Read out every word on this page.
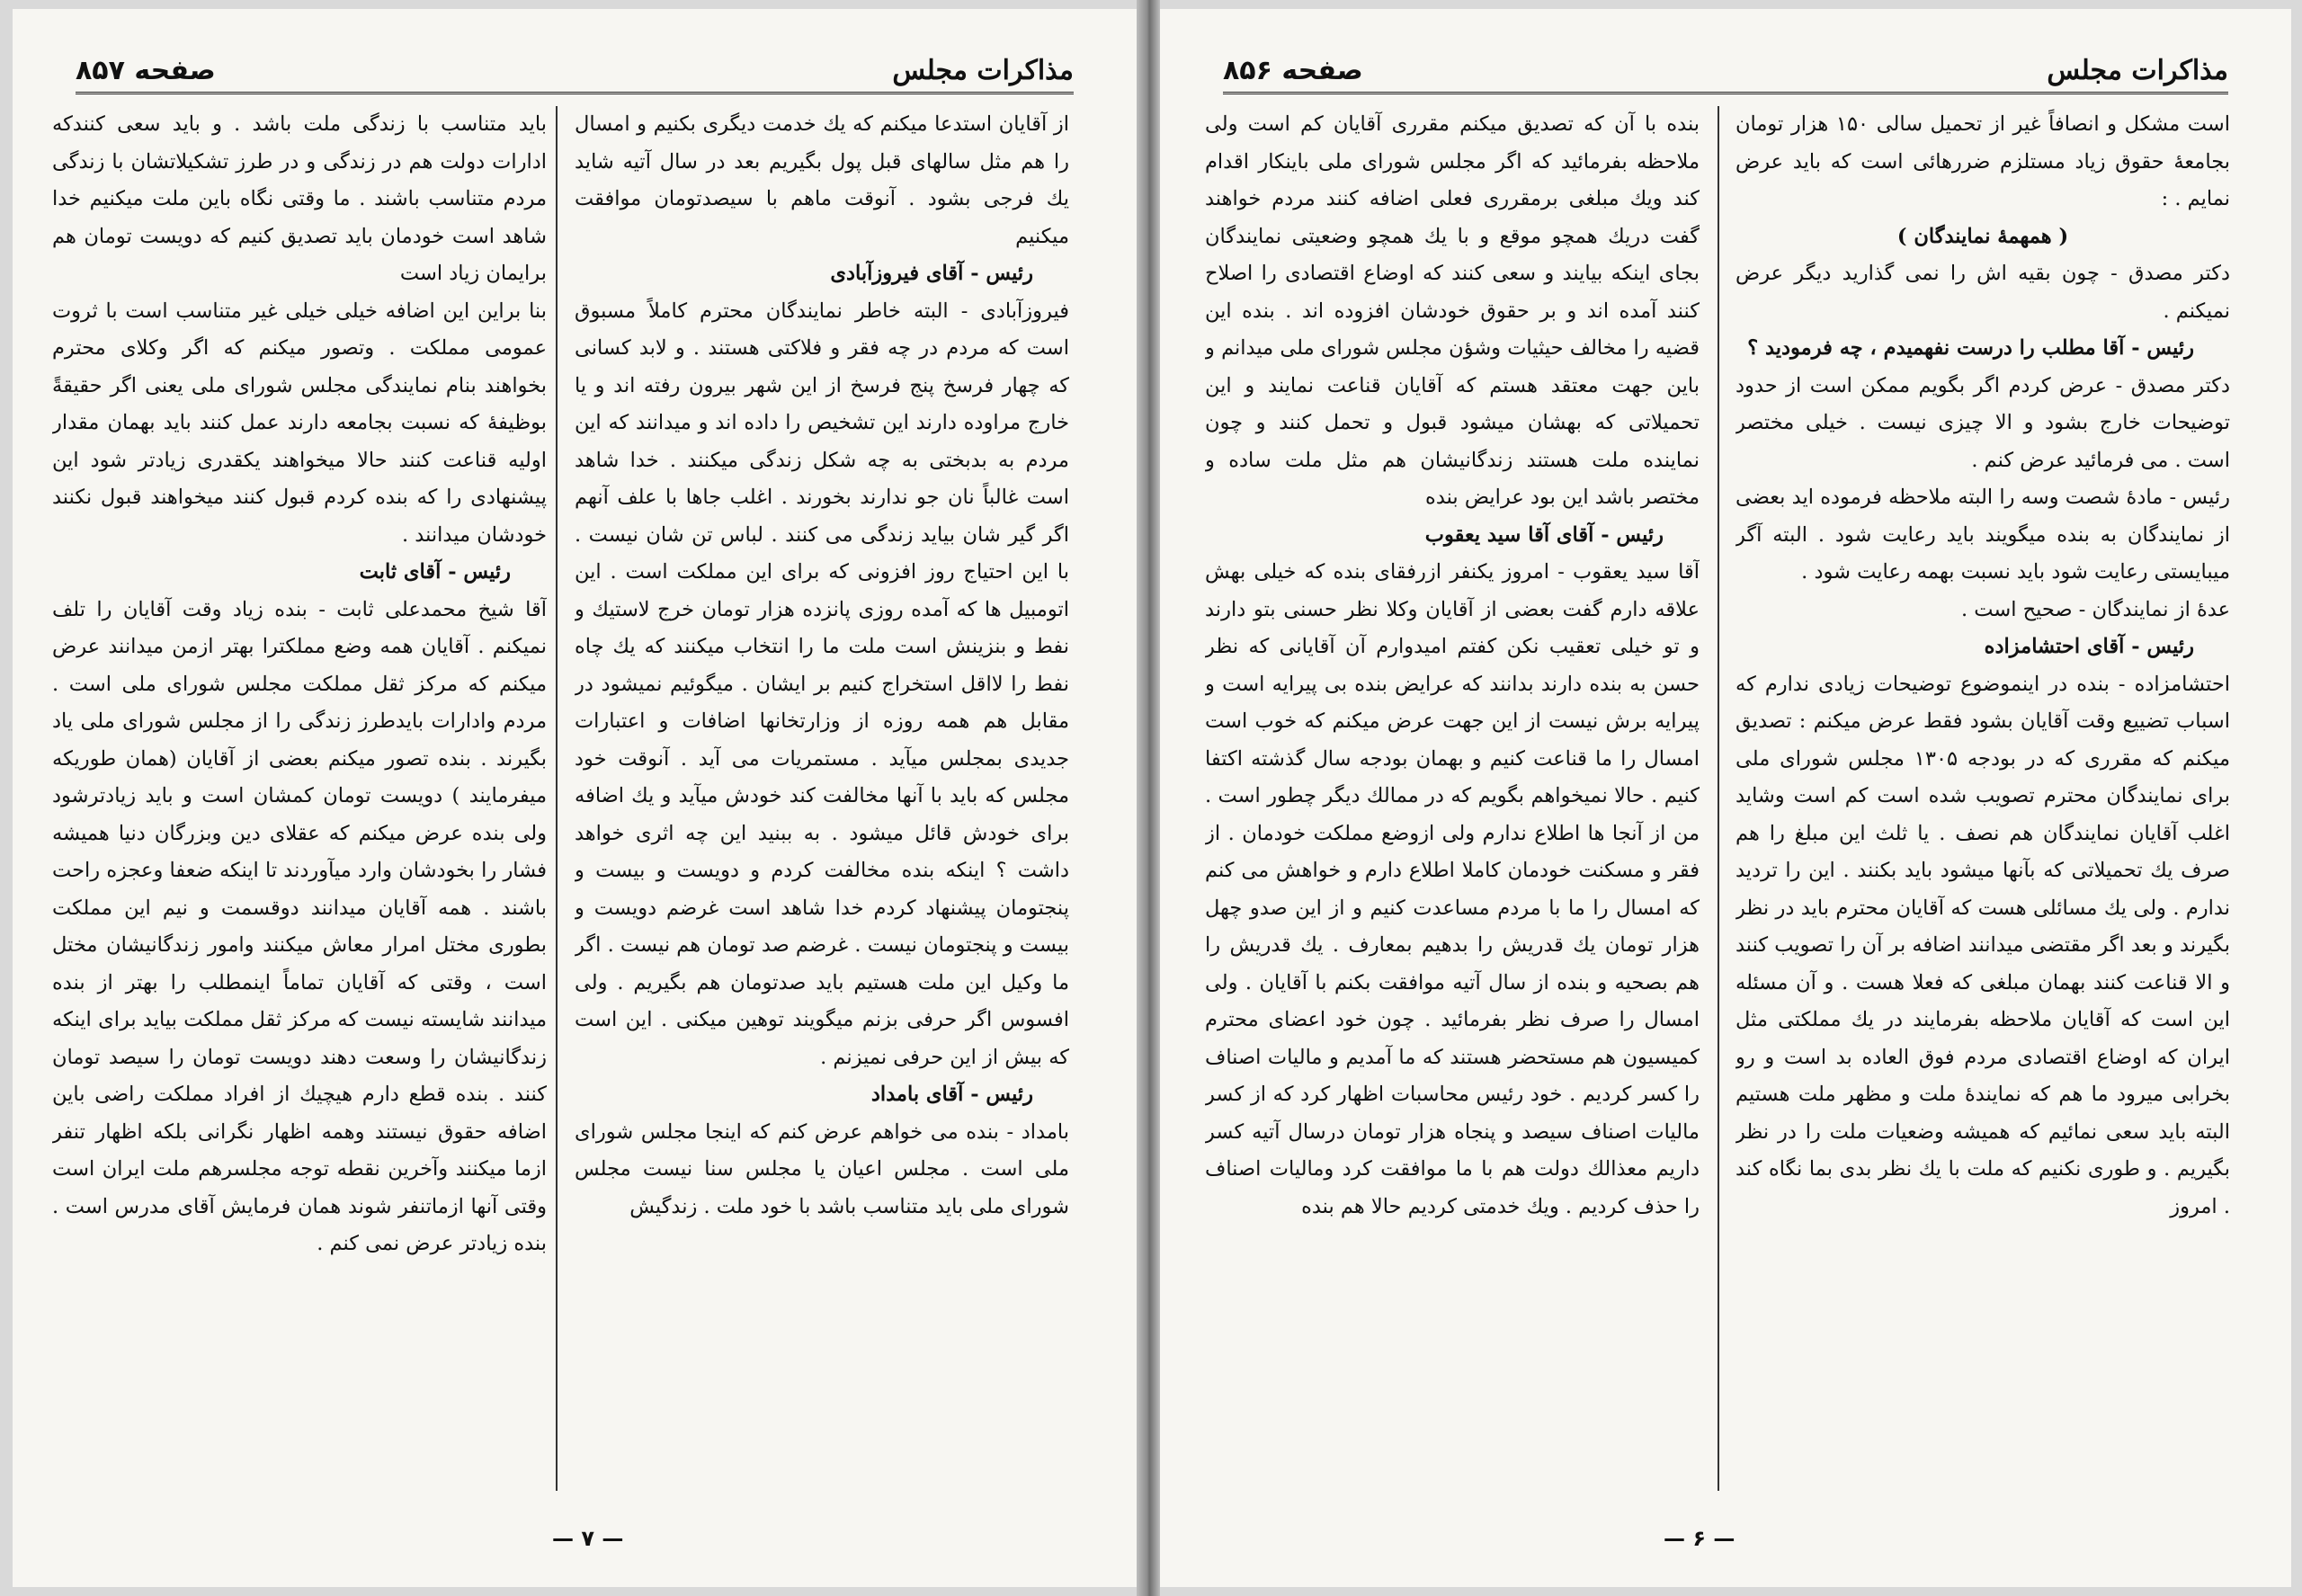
مذاکرات مجلس
صفحه ۸۵۷

از آقایان استدعا میکنم که یك خدمت دیگری بکنیم و امسال را هم مثل سالهای قبل پول بگیریم بعد در سال آتیه شاید یك فرجی بشود . آنوقت ماهم با سیصدتومان موافقت میکنیم

رئیس - آقای فیروزآبادی

فیروزآبادی - البته خاطر نمایندگان محترم کاملاً مسبوق است که مردم در چه فقر و فلاکتی هستند . و لابد کسانی که چهار فرسخ پنج فرسخ از این شهر بیرون رفته اند و یا خارج مراوده دارند این تشخیص را داده اند و میدانند که این مردم به بدبختی به چه شکل زندگی میکنند . خدا شاهد است غالباً نان جو ندارند بخورند . اغلب جاها با علف آنهم اگر گیر شان بیاید زندگی می کنند . لباس تن شان نیست . با این احتیاج روز افزونی که برای این مملکت است . این اتومبیل ها که آمده روزی پانزده هزار تومان خرج لاستیك و نفط و بنزینش است ملت ما را انتخاب میکنند که یك چاه نفط را لااقل استخراج کنیم بر ایشان . میگوئیم نمیشود در مقابل هم همه روزه از وزارتخانها اضافات و اعتبارات جدیدی بمجلس میآید . مستمریات می آید . آنوقت خود مجلس که باید با آنها مخالفت کند خودش میآید و یك اضافه برای خودش قائل میشود . به ببنید این چه اثری خواهد داشت ؟ اینکه بنده مخالفت کردم و دویست و بیست و پنجتومان پیشنهاد کردم خدا شاهد است غرضم دویست و بیست و پنجتومان نیست . غرضم صد تومان هم نیست . اگر ما وکیل این ملت هستیم باید صدتومان هم بگیریم . ولی افسوس اگر حرفی بزنم میگویند توهین میکنی . این است که بیش از این حرفی نمیزنم .

رئیس - آقای بامداد

بامداد - بنده می خواهم عرض کنم که اینجا مجلس شورای ملی است . مجلس اعیان یا مجلس سنا نیست مجلس شورای ملی باید متناسب باشد با خود ملت . زندگیش

باید متناسب با زندگی ملت باشد . و باید سعی کنندکه ادارات دولت هم در زندگی و در طرز تشکیلاتشان با زندگی مردم متناسب باشند . ما وقتی نگاه باین ملت میکنیم خدا شاهد است خودمان باید تصدیق کنیم که دویست تومان هم برایمان زیاد است

بنا براین این اضافه خیلی خیلی غیر متناسب است با ثروت عمومی مملکت . وتصور میکنم که اگر وکلای محترم بخواهند بنام نمایندگی مجلس شورای ملی یعنی اگر حقیقةً بوظیفهٔ که نسبت بجامعه دارند عمل کنند باید بهمان مقدار اولیه قناعت کنند حالا میخواهند یکقدری زیادتر شود این پیشنهادی را که بنده کردم قبول کنند میخواهند قبول نکنند خودشان میدانند .

رئیس - آقای ثابت

آقا شیخ محمدعلی ثابت - بنده زیاد وقت آقایان را تلف نمیکنم . آقایان همه وضع مملکترا بهتر ازمن میدانند عرض میکنم که مرکز ثقل مملکت مجلس شورای ملی است . مردم وادارات بایدطرز زندگی را از مجلس شورای ملی یاد بگیرند . بنده تصور میکنم بعضی از آقایان (همان طوریکه میفرمایند ) دویست تومان کمشان است و باید زیادترشود ولی بنده عرض میکنم که عقلای دین وبزرگان دنیا همیشه فشار را بخودشان وارد میآوردند تا اینکه ضعفا وعجزه راحت باشند . همه آقایان میدانند دوقسمت و نیم این مملکت بطوری مختل امرار معاش میکنند وامور زندگانیشان مختل است ، وقتی که آقایان تماماً اینمطلب را بهتر از بنده میدانند شایسته نیست که مرکز ثقل مملکت بیاید برای اینکه زندگانیشان را وسعت دهند دویست تومان را سیصد تومان کنند . بنده قطع دارم هیچیك از افراد مملکت راضی باین اضافه حقوق نیستند وهمه اظهار نگرانی بلکه اظهار تنفر ازما میکنند وآخرین نقطه توجه مجلسرهم ملت ایران است وقتی آنها ازماتنفر شوند همان فرمایش آقای مدرس است . بنده زیادتر عرض نمی کنم .

— ۷ —
مذاکرات مجلس
صفحه ۸۵۶

است مشکل و انصافاً غیر از تحمیل سالی ۱۵۰ هزار تومان بجامعهٔ حقوق زیاد مستلزم ضررهائی است که باید عرض نمایم . :

( همهمهٔ نمایندگان )

دکتر مصدق - چون بقیه اش را نمی گذارید دیگر عرض نمیکنم .

رئیس - آقا مطلب را درست نفهمیدم ، چه فرمودید ؟

دکتر مصدق - عرض کردم اگر بگویم ممکن است از حدود توضیحات خارج بشود و الا چیزی نیست . خیلی مختصر است . می فرمائید عرض کنم .

رئیس - مادهٔ شصت وسه را البته ملاحظه فرموده اید بعضی از نمایندگان به بنده میگویند باید رعایت شود . البته آگر میبایستی رعایت شود باید نسبت بهمه رعایت شود .

عدهٔ از نمایندگان - صحیح است .

رئیس - آقای احتشامزاده

احتشامزاده - بنده در اینموضوع توضیحات زیادی ندارم که اسباب تضییع وقت آقایان بشود فقط عرض میکنم : تصدیق میکنم که مقرری که در بودجه ۱۳۰۵ مجلس شورای ملی برای نمایندگان محترم تصویب شده است کم است وشاید اغلب آقایان نمایندگان هم نصف . یا ثلث این مبلغ را هم صرف یك تحمیلاتی که بآنها میشود باید بکنند . این را تردید ندارم . ولی یك مسائلی هست که آقایان محترم باید در نظر بگیرند و بعد اگر مقتضی میدانند اضافه بر آن را تصویب کنند و الا قناعت کنند بهمان مبلغی که فعلا هست . و آن مسئله این است که آقایان ملاحظه بفرمایند در یك مملکتی مثل ایران که اوضاع اقتصادی مردم فوق العاده بد است و رو بخرابی میرود ما هم که نمایندهٔ ملت و مظهر ملت هستیم البته باید سعی نمائیم که همیشه وضعیات ملت را در نظر بگیریم . و طوری نکنیم که ملت با یك نظر بدی بما نگاه کند . امروز

بنده با آن که تصدیق میکنم مقرری آقایان کم است ولی ملاحظه بفرمائید که اگر مجلس شورای ملی باینکار اقدام کند ویك مبلغی برمقرری فعلی اضافه کنند مردم خواهند گفت دریك همچو موقع و با یك همچو وضعیتی نمایندگان بجای اینکه بیایند و سعی کنند که اوضاع اقتصادی را اصلاح کنند آمده اند و بر حقوق خودشان افزوده اند . بنده این قضیه را مخالف حیثیات وشؤن مجلس شورای ملی میدانم و باین جهت معتقد هستم که آقایان قناعت نمایند و این تحمیلاتی که بهشان میشود قبول و تحمل کنند و چون نماینده ملت هستند زندگانیشان هم مثل ملت ساده و مختصر باشد این بود عرایض بنده

رئیس - آقای آقا سید یعقوب

آقا سید یعقوب - امروز یکنفر ازرفقای بنده که خیلی بهش علاقه دارم گفت بعضی از آقایان وکلا نظر حسنی بتو دارند و تو خیلی تعقیب نکن کفتم امیدوارم آن آقایانی که نظر حسن به بنده دارند بدانند که عرایض بنده بی پیرایه است و پیرایه برش نیست از این جهت عرض میکنم که خوب است امسال را ما قناعت کنیم و بهمان بودجه سال گذشته اکتفا کنیم . حالا نمیخواهم بگویم که در ممالك دیگر چطور است . من از آنجا ها اطلاع ندارم ولی ازوضع مملکت خودمان . از فقر و مسکنت خودمان کاملا اطلاع دارم و خواهش می کنم که امسال را ما با مردم مساعدت کنیم و از این صدو چهل هزار تومان یك قدریش را بدهیم بمعارف . یك قدریش را هم بصحیه و بنده از سال آتیه موافقت بکنم با آقایان . ولی امسال را صرف نظر بفرمائید . چون خود اعضای محترم کمیسیون هم مستحضر هستند که ما آمدیم و مالیات اصناف را کسر کردیم . خود رئیس محاسبات اظهار کرد که از کسر مالیات اصناف سیصد و پنجاه هزار تومان درسال آتیه کسر داریم معذالك دولت هم با ما موافقت کرد ومالیات اصناف را حذف کردیم . ویك خدمتی کردیم حالا هم بنده

— ۶ —
